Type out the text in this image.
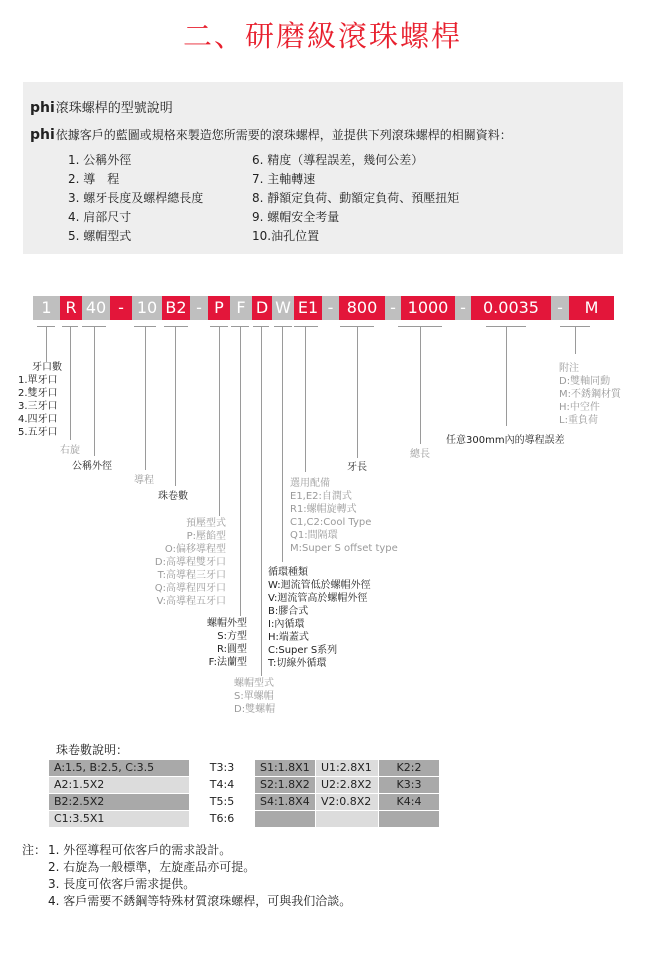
二、研磨級滾珠螺桿
phi滾珠螺桿的型號說明
phi依據客戶的藍圖或規格來製造您所需要的滾珠螺桿，並提供下列滾珠螺桿的相關資料：
1. 公稱外徑
2. 導　程
3. 螺牙長度及螺桿總長度
4. 肩部尺寸
5. 螺帽型式
6. 精度（導程誤差，幾何公差）
7. 主軸轉速
8. 靜額定負荷、動額定負荷、預壓扭矩
9. 螺帽安全考量
10.油孔位置
1 R 40 - 10 B2 - P F D W E1 - 800 - 1000 -	0.0035	-	M
牙口數
1.單牙口
2.雙牙口
3.三牙口
4.四牙口
5.五牙口
右旋
公稱外徑
導程
珠卷數
預壓型式
P:壓餡型
O:偏移導程型
D:高導程雙牙口
T:高導程三牙口
Q:高導程四牙口
V:高導程五牙口
螺帽外型
S:方型
R:圓型
F:法蘭型
螺帽型式
S:單螺帽
D:雙螺帽
循環種類
W:迴流管低於螺帽外徑
V:迴流管高於螺帽外徑
B:膠合式
I:內循環
H:端蓋式
C:Super S系列
T:切線外循環
選用配備
E1,E2:自潤式
R1:螺帽旋轉式
C1,C2:Cool Type
Q1:間隔環
M:Super S offset type
牙長
總長
任意300mm內的導程誤差
附注
D:雙軸同動
M:不銹鋼材質
H:中空件
L:重負荷
珠卷數說明：
A:1.5, B:2.5, C:3.5	T3:3	S1:1.8X1	U1:2.8X1	K2:2
A2:1.5X2	T4:4	S2:1.8X2	U2:2.8X2	K3:3
B2:2.5X2	T5:5	S4:1.8X4	V2:0.8X2	K4:4
C1:3.5X1	T6:6			
注： 1. 外徑導程可依客戶的需求設計。
2. 右旋為一般標準，左旋產品亦可提。
3. 長度可依客戶需求提供。
4. 客戶需要不銹鋼等特殊材質滾珠螺桿，可與我们洽談。
